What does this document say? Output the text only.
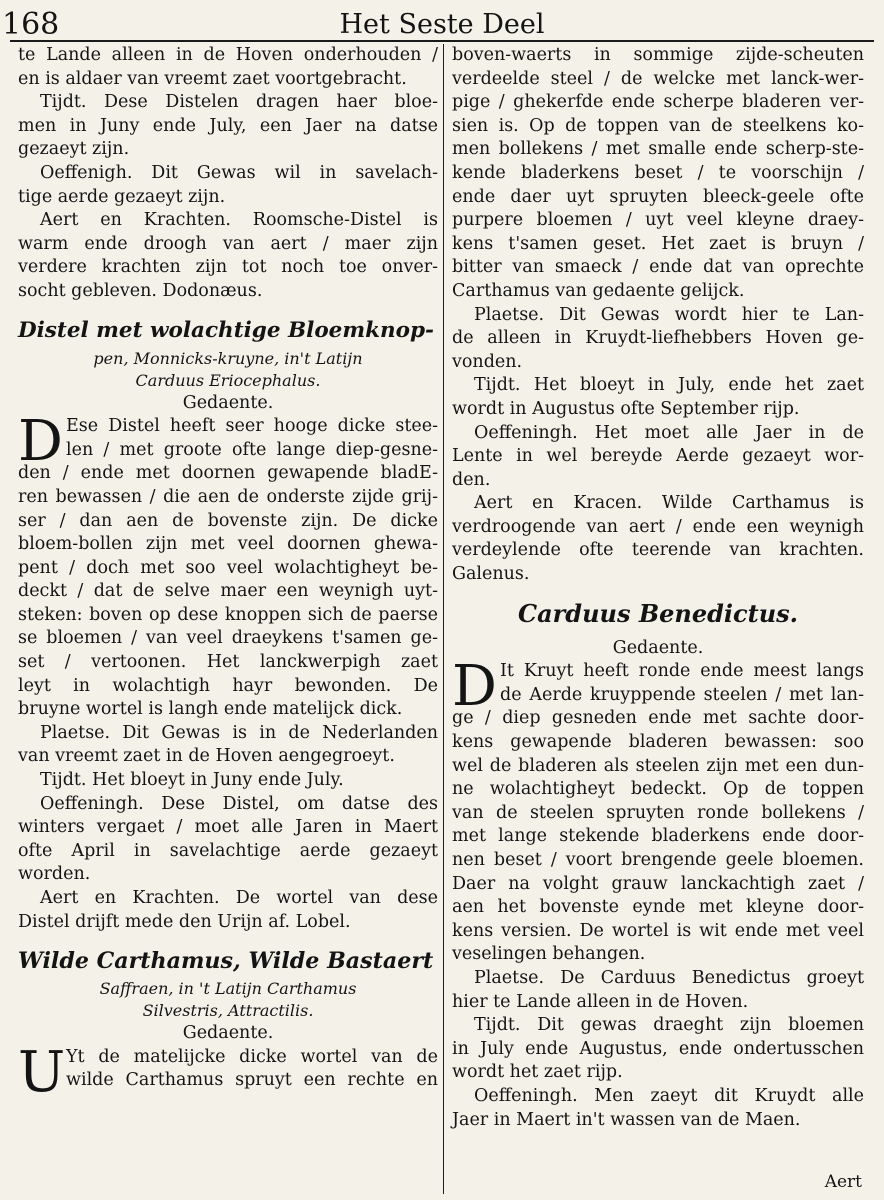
168	Het Seste Deel
te Lande alleen in de Hoven onderhouden /
en is aldaer van vreemt zaet voortgebracht.
Tijdt. Dese Distelen dragen haer bloe-
men in Juny ende July, een Jaer na datse
gezaeyt zijn.
Oeffenigh. Dit Gewas wil in savelach-
tige aerde gezaeyt zijn.
Aert en Krachten. Roomsche-Distel is
warm ende droogh van aert / maer zijn
verdere krachten zijn tot noch toe onver-
socht gebleven. Dodonæus.
Distel met wolachtige Bloemknop-
pen, Monnicks-kruyne, in't Latijn
Carduus Eriocephalus.
Gedaente.
D Ese Distel heeft seer hooge dicke stee-
len / met groote ofte lange diep-gesne-
den / ende met doornen gewapende bladE-
ren bewassen / die aen de onderste zijde grij-
ser / dan aen de bovenste zijn. De dicke
bloem-bollen zijn met veel doornen ghewa-
pent / doch met soo veel wolachtigheyt be-
deckt / dat de selve maer een weynigh uyt-
steken: boven op dese knoppen sich de paerse
se bloemen / van veel draeykens t'samen ge-
set / vertoonen. Het lanckwerpigh zaet
leyt in wolachtigh hayr bewonden. De
bruyne wortel is langh ende matelijck dick.
Plaetse. Dit Gewas is in de Nederlanden
van vreemt zaet in de Hoven aengegroeyt.
Tijdt. Het bloeyt in Juny ende July.
Oeffeningh. Dese Distel, om datse des
winters vergaet / moet alle Jaren in Maert
ofte April in savelachtige aerde gezaeyt
worden.
Aert en Krachten. De wortel van dese
Distel drijft mede den Urijn af. Lobel.
Wilde Carthamus, Wilde Bastaert
Saffraen, in 't Latijn Carthamus
Silvestris, Attractilis.
Gedaente.
U Yt de matelijcke dicke wortel van de
wilde Carthamus spruyt een rechte en
boven-waerts in sommige zijde-scheuten
verdeelde steel / de welcke met lanck-wer-
pige / ghekerfde ende scherpe bladeren ver-
sien is. Op de toppen van de steelkens ko-
men bollekens / met smalle ende scherp-ste-
kende bladerkens beset / te voorschijn /
ende daer uyt spruyten bleeck-geele ofte
purpere bloemen / uyt veel kleyne draey-
kens t'samen geset. Het zaet is bruyn /
bitter van smaeck / ende dat van oprechte
Carthamus van gedaente gelijck.
Plaetse. Dit Gewas wordt hier te Lan-
de alleen in Kruydt-liefhebbers Hoven ge-
vonden.
Tijdt. Het bloeyt in July, ende het zaet
wordt in Augustus ofte September rijp.
Oeffeningh. Het moet alle Jaer in de
Lente in wel bereyde Aerde gezaeyt wor-
den.
Aert en Kracen. Wilde Carthamus is
verdroogende van aert / ende een weynigh
verdeylende ofte teerende van krachten.
Galenus.
Carduus Benedictus.
Gedaente.
D It Kruyt heeft ronde ende meest langs
de Aerde kruyppende steelen / met lan-
ge / diep gesneden ende met sachte door-
kens gewapende bladeren bewassen: soo
wel de bladeren als steelen zijn met een dun-
ne wolachtigheyt bedeckt. Op de toppen
van de steelen spruyten ronde bollekens /
met lange stekende bladerkens ende door-
nen beset / voort brengende geele bloemen.
Daer na volght grauw lanckachtigh zaet /
aen het bovenste eynde met kleyne door-
kens versien. De wortel is wit ende met veel
veselingen behangen.
Plaetse. De Carduus Benedictus groeyt
hier te Lande alleen in de Hoven.
Tijdt. Dit gewas draeght zijn bloemen
in July ende Augustus, ende ondertusschen
wordt het zaet rijp.
Oeffeningh. Men zaeyt dit Kruydt alle
Jaer in Maert in't wassen van de Maen.
Aert
